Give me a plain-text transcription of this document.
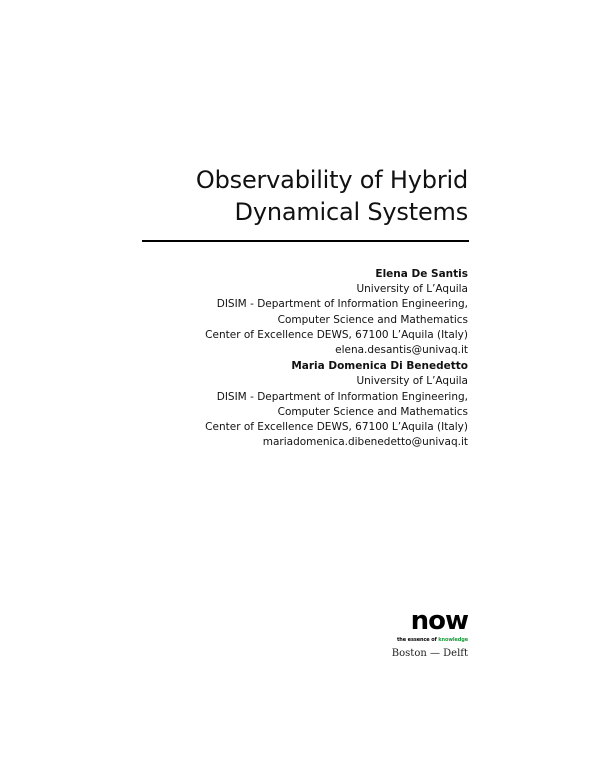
Observability of Hybrid
Dynamical Systems
Elena De Santis
University of L’Aquila
DISIM - Department of Information Engineering,
Computer Science and Mathematics
Center of Excellence DEWS, 67100 L’Aquila (Italy)
elena.desantis@univaq.it
Maria Domenica Di Benedetto
University of L’Aquila
DISIM - Department of Information Engineering,
Computer Science and Mathematics
Center of Excellence DEWS, 67100 L’Aquila (Italy)
mariadomenica.dibenedetto@univaq.it
now
the essence of knowledge
Boston — Delft
